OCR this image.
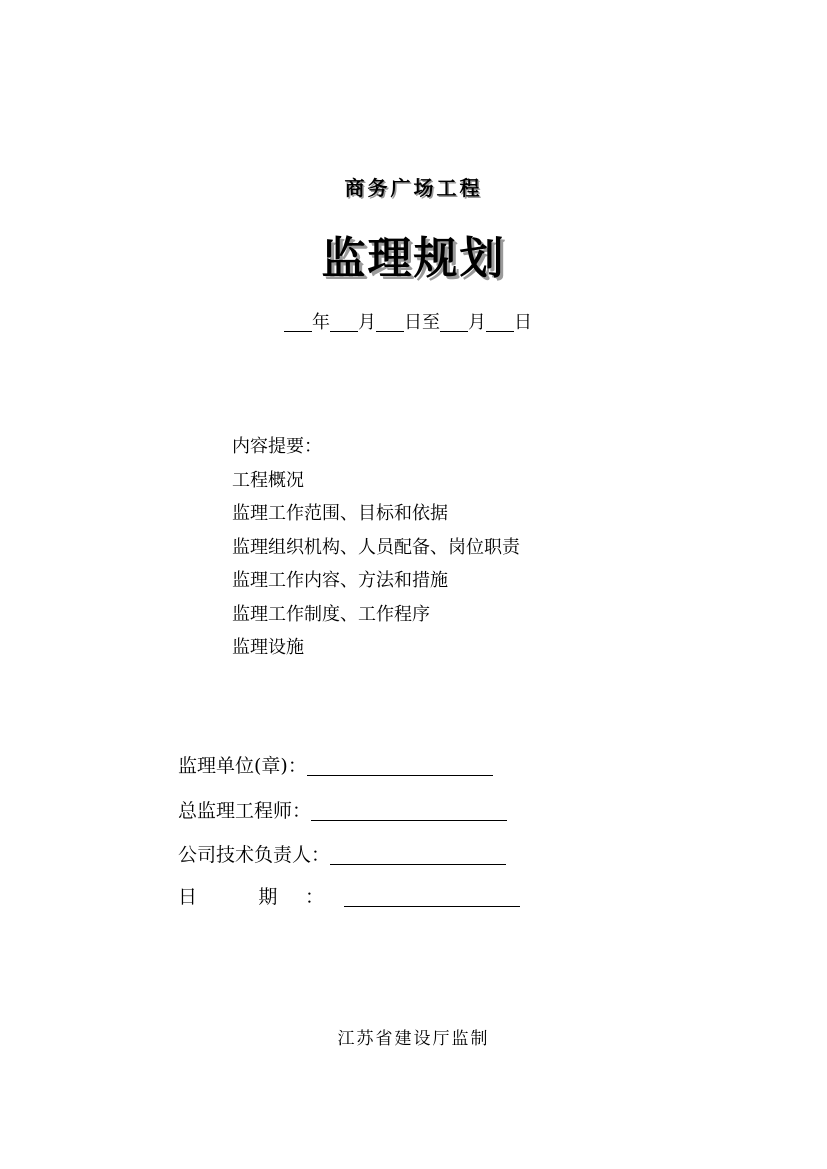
商务广场工程
监理规划
年 月 日至 月 日
内容提要：
工程概况
监理工作范围、目标和依据
监理组织机构、人员配备、岗位职责
监理工作内容、方法和措施
监理工作制度、工作程序
监理设施
监理单位(章)：
总监理工程师：
公司技术负责人：
日 期：
江苏省建设厅监制
